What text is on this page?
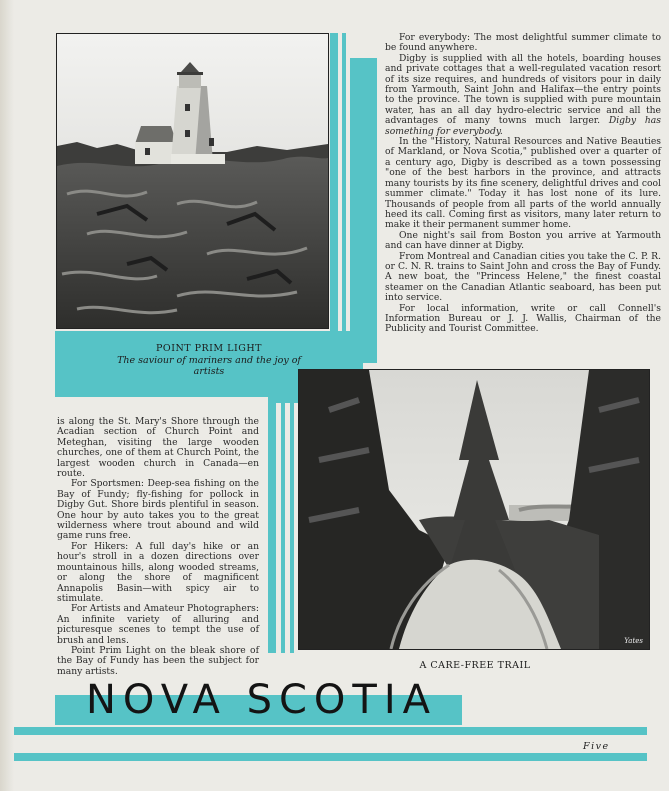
POINT PRIM LIGHT
The saviour of mariners and the joy of artists

For everybody: The most delightful summer climate to be found anywhere.

Digby is supplied with all the hotels, boarding houses and private cottages that a well-regulated vacation resort of its size requires, and hundreds of visitors pour in daily from Yarmouth, Saint John and Halifax—the entry points to the province. The town is supplied with pure mountain water, has an all day hydro-electric service and all the advantages of many towns much larger. Digby has something for everybody.

In the "History, Natural Resources and Native Beauties of Markland, or Nova Scotia," published over a quarter of a century ago, Digby is described as a town possessing "one of the best harbors in the province, and attracts many tourists by its fine scenery, delightful drives and cool summer climate." Today it has lost none of its lure. Thousands of people from all parts of the world annually heed its call. Coming first as visitors, many later return to make it their permanent summer home.

One night's sail from Boston you arrive at Yarmouth and can have dinner at Digby.

From Montreal and Canadian cities you take the C. P. R. or C. N. R. trains to Saint John and cross the Bay of Fundy. A new boat, the "Princess Helene," the finest coastal steamer on the Canadian Atlantic seaboard, has been put into service.

For local information, write or call Connell's Information Bureau or J. J. Wallis, Chairman of the Publicity and Tourist Committee.

Yates
A CARE-FREE TRAIL

is along the St. Mary's Shore through the Acadian section of Church Point and Meteghan, visiting the large wooden churches, one of them at Church Point, the largest wooden church in Canada—en route.

For Sportsmen: Deep-sea fishing on the Bay of Fundy; fly-fishing for pollock in Digby Gut. Shore birds plentiful in season. One hour by auto takes you to the great wilderness where trout abound and wild game runs free.

For Hikers: A full day's hike or an hour's stroll in a dozen directions over mountainous hills, along wooded streams, or along the shore of magnificent Annapolis Basin—with spicy air to stimulate.

For Artists and Amateur Photographers: An infinite variety of alluring and picturesque scenes to tempt the use of brush and lens.

Point Prim Light on the bleak shore of the Bay of Fundy has been the subject for many artists.

NOVA SCOTIA
Five
